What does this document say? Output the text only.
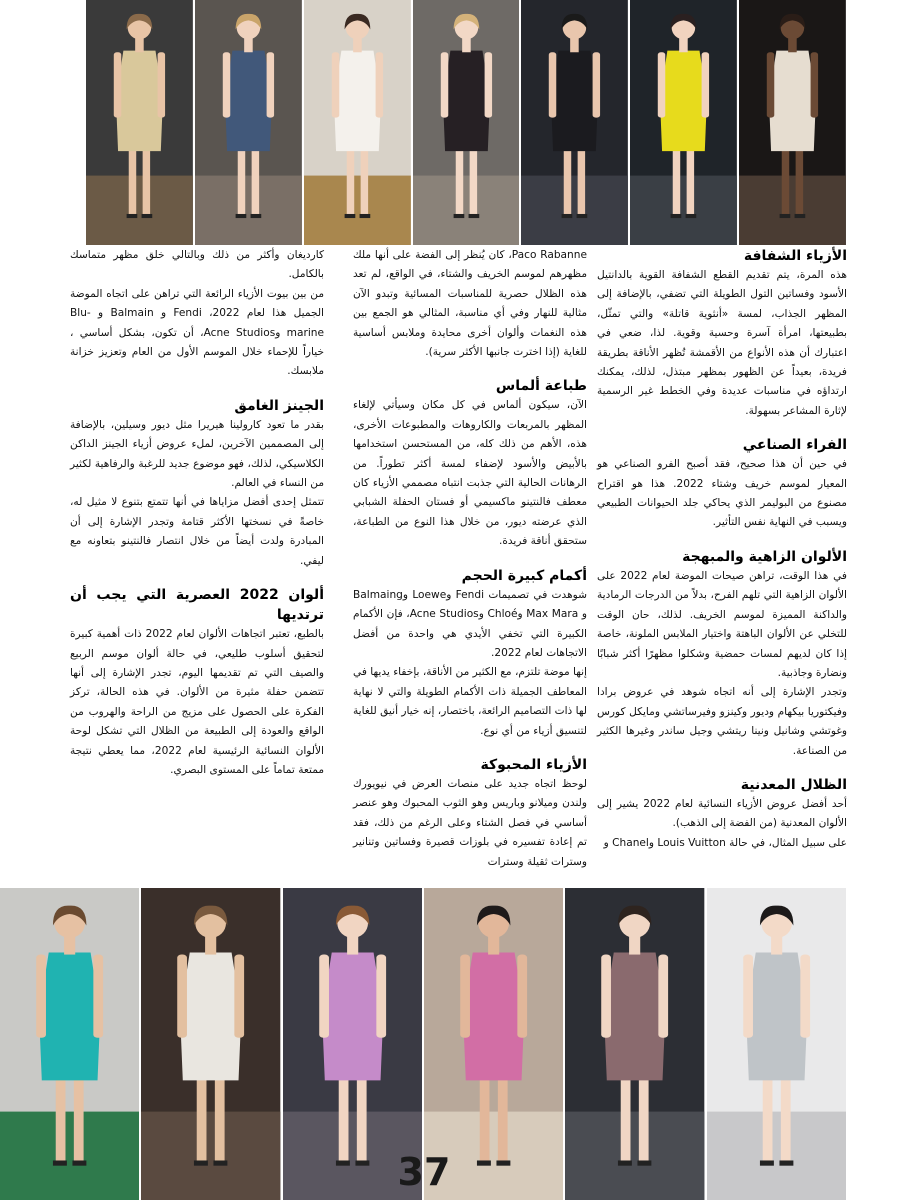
الأزياء الشفافة

هذه المرة، يتم تقديم القطع الشفافة القوية بالدانتيل الأسود وفساتين التول الطويلة التي تضفي، بالإضافة إلى المظهر الجذاب، لمسة «أنثوية قاتلة» والتي تمثّل، بطبيعتها، امرأة آسرة وحسية وقوية. لذا، ضعي في اعتبارك أن هذه الأنواع من الأقمشة تُظهر الأناقة بطريقة فريدة، بعيداً عن الظهور بمظهر مبتذل، لذلك، يمكنك ارتداؤه في مناسبات عديدة وفي الخطط غير الرسمية لإثارة المشاعر بسهولة.

الفراء الصناعي

في حين أن هذا صحيح، فقد أصبح الفرو الصناعي هو المعيار لموسم خريف وشتاء 2022. هذا هو اقتراح مصنوع من البوليمر الذي يحاكي جلد الحيوانات الطبيعي ويسبب في النهاية نفس التأثير.

الألوان الزاهية والمبهجة

في هذا الوقت، تراهن صيحات الموضة لعام 2022 على الألوان الزاهية التي تلهم الفرح، بدلاً من الدرجات الرمادية والداكنة المميزة لموسم الخريف. لذلك، حان الوقت للتخلي عن الألوان الباهتة واختيار الملابس الملونة، خاصة إذا كان لديهم لمسات حمضية وشكلوا مظهرًا أكثر شبابًا ونضارة وجاذبية.

وتجدر الإشارة إلى أنه اتجاه شوهد في عروض برادا وفيكتوريا بيكهام وديور وكينزو وفيرساتشي ومايكل كورس وغوتشي وشانيل ونينا ريتشي وجيل ساندر وغيرها الكثير من الصناعة.

الظلال المعدنية

أحد أفضل عروض الأزياء النسائية لعام 2022 يشير إلى الألوان المعدنية (من الفضة إلى الذهب).

على سبيل المثال، في حالة Louis Vuitton وChanel و

Paco Rabanne، كان يُنظر إلى الفضة على أنها ملك مظهرهم لموسم الخريف والشتاء، في الواقع، لم تعد هذه الظلال حصرية للمناسبات المسائية وتبدو الآن مثالية للنهار وفي أي مناسبة، المثالي هو الجمع بين هذه النغمات وألوان أخرى محايدة وملابس أساسية للغاية (إذا اخترت جانبها الأكثر سرية).

طباعة ألماس

الآن، سيكون ألماس في كل مكان وسيأتي لإلغاء المظهر بالمربعات والكاروهات والمطبوعات الأخرى، هذه، الأهم من ذلك كله، من المستحسن استخدامها بالأبيض والأسود لإضفاء لمسة أكثر تطوراً. من الرهانات الحالية التي جذبت انتباه مصممي الأزياء كان معطف فالنتينو ماكسيمي أو فستان الحفلة الشبابي الذي عرضته ديور، من خلال هذا النوع من الطباعة، ستحقق أناقة فريدة.

أكمام كبيرة الحجم

شوهدت في تصميمات Fendi وLoewe وBalmaing و Max Mara وChloé وAcne Studios، فإن الأكمام الكبيرة التي تخفي الأيدي هي واحدة من أفضل الاتجاهات لعام 2022.

إنها موضة تلتزم، مع الكثير من الأناقة، بإخفاء يديها في المعاطف الجميلة ذات الأكمام الطويلة والتي لا نهاية لها ذات التصاميم الرائعة، باختصار، إنه خيار أنيق للغاية لتنسيق أزياء من أي نوع.

الأزياء المحبوكة

لوحظ اتجاه جديد على منصات العرض في نيويورك ولندن وميلانو وباريس وهو الثوب المحبوك وهو عنصر أساسي في فصل الشتاء وعلى الرغم من ذلك، فقد تم إعادة تفسيره في بلوزات قصيرة وفساتين وتنانير وسترات ثقيلة وسترات

كارديغان وأكثر من ذلك وبالتالي خلق مظهر متماسك بالكامل.

من بين بيوت الأزياء الرائعة التي تراهن على اتجاه الموضة الجميل هذا لعام 2022، Fendi و Balmain و Blu-marine وAcne Studios، أن تكون، بشكل أساسي ، خياراً للإحماء خلال الموسم الأول من العام وتعزيز خزانة ملابسك.

الجينز الغامق

بقدر ما تعود كارولينا هيريرا مثل ديور وسيلين، بالإضافة إلى المصممين الآخرين، لملء عروض أزياء الجينز الداكن الكلاسيكي، لذلك، فهو موضوع جديد للرغبة والرفاهية لكثير من النساء في العالم.

تتمثل إحدى أفضل مزاياها في أنها تتمتع بتنوع لا مثيل له، خاصةً في نسختها الأكثر قتامة وتجدر الإشارة إلى أن المبادرة ولدت أيضاً من خلال انتصار فالنتينو بتعاونه مع ليفي.

ألوان 2022 العصرية التي يجب أن ترتديها

بالطبع، تعتبر اتجاهات الألوان لعام 2022 ذات أهمية كبيرة لتحقيق أسلوب طليعي، في حالة ألوان موسم الربيع والصيف التي تم تقديمها اليوم، تجدر الإشارة إلى أنها تتضمن حفلة مثيرة من الألوان. في هذه الحالة، تركز الفكرة على الحصول على مزيج من الراحة والهروب من الواقع والعودة إلى الطبيعة من الظلال التي تشكل لوحة الألوان النسائية الرئيسية لعام 2022، مما يعطي نتيجة ممتعة تماماً على المستوى البصري.

37
